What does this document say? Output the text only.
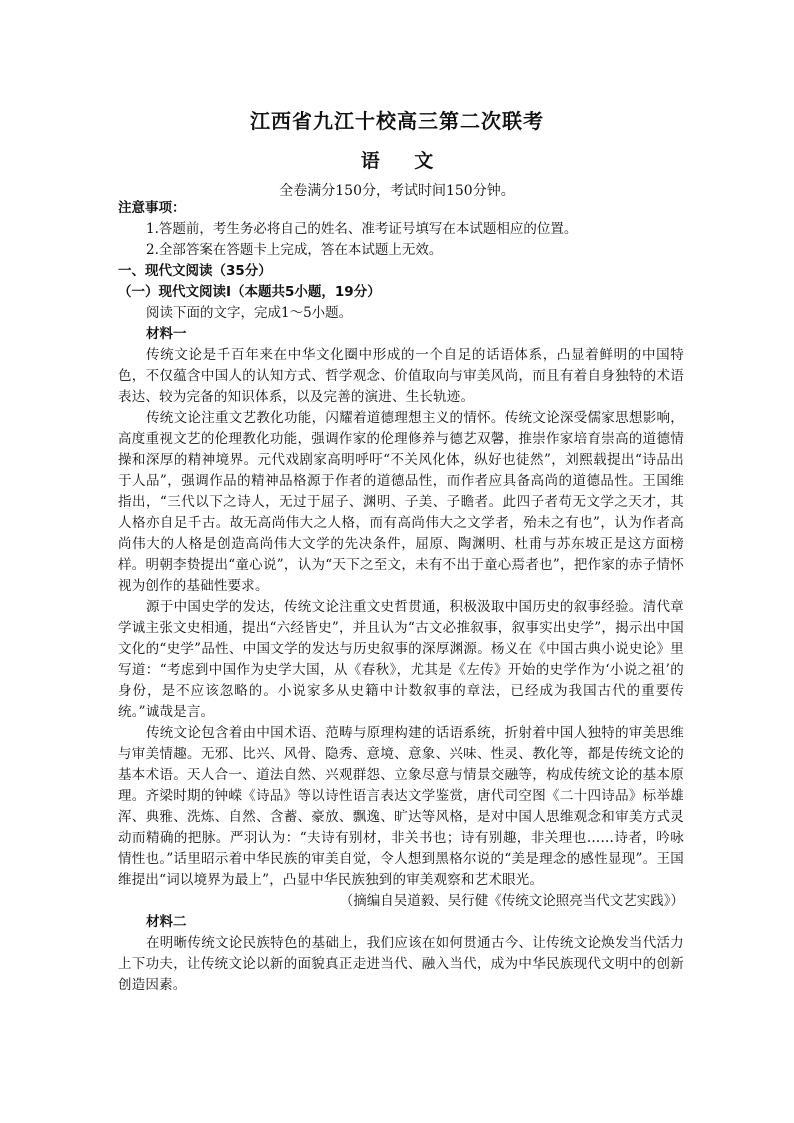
江西省九江十校高三第二次联考
语 文
全卷满分150分，考试时间150分钟。

注意事项：

1.答题前，考生务必将自己的姓名、准考证号填写在本试题相应的位置。

2.全部答案在答题卡上完成，答在本试题上无效。

一、现代文阅读（35分）

（一）现代文阅读Ⅰ（本题共5小题，19分）

阅读下面的文字，完成1～5小题。

材料一

传统文论是千百年来在中华文化圈中形成的一个自足的话语体系，凸显着鲜明的中国特色，不仅蕴含中国人的认知方式、哲学观念、价值取向与审美风尚，而且有着自身独特的术语表达、较为完备的知识体系，以及完善的演进、生长轨迹。

传统文论注重文艺教化功能，闪耀着道德理想主义的情怀。传统文论深受儒家思想影响，高度重视文艺的伦理教化功能，强调作家的伦理修养与德艺双馨，推崇作家培育崇高的道德情操和深厚的精神境界。元代戏剧家高明呼吁“不关风化体，纵好也徒然”，刘熙载提出“诗品出于人品”，强调作品的精神品格源于作者的道德品性，而作者应具备高尚的道德品性。王国维指出，“三代以下之诗人，无过于屈子、渊明、子美、子瞻者。此四子者苟无文学之天才，其人格亦自足千古。故无高尚伟大之人格，而有高尚伟大之文学者，殆未之有也”，认为作者高尚伟大的人格是创造高尚伟大文学的先决条件，屈原、陶渊明、杜甫与苏东坡正是这方面榜样。明朝李贽提出“童心说”，认为“天下之至文，未有不出于童心焉者也”，把作家的赤子情怀视为创作的基础性要求。

源于中国史学的发达，传统文论注重文史哲贯通，积极汲取中国历史的叙事经验。清代章学诚主张文史相通，提出“六经皆史”，并且认为“古文必推叙事，叙事实出史学”，揭示出中国文化的“史学”品性、中国文学的发达与历史叙事的深厚渊源。杨义在《中国古典小说史论》里写道：“考虑到中国作为史学大国，从《春秋》，尤其是《左传》开始的史学作为‘小说之祖’的身份，是不应该忽略的。小说家多从史籍中计数叙事的章法，已经成为我国古代的重要传统。”诚哉是言。

传统文论包含着由中国术语、范畴与原理构建的话语系统，折射着中国人独特的审美思维与审美情趣。无邪、比兴、风骨、隐秀、意境、意象、兴味、性灵、教化等，都是传统文论的基本术语。天人合一、道法自然、兴观群怨、立象尽意与情景交融等，构成传统文论的基本原理。齐梁时期的钟嵘《诗品》等以诗性语言表达文学鉴赏，唐代司空图《二十四诗品》标举雄浑、典雅、洗炼、自然、含蓄、豪放、飘逸、旷达等风格，是对中国人思维观念和审美方式灵动而精确的把脉。严羽认为：“夫诗有别材，非关书也；诗有别趣，非关理也……诗者，吟咏情性也。”话里昭示着中华民族的审美自觉，令人想到黑格尔说的“美是理念的感性显现”。王国维提出“词以境界为最上”，凸显中华民族独到的审美观察和艺术眼光。

（摘编自吴道毅、吴行健《传统文论照亮当代文艺实践》）

材料二

在明晰传统文论民族特色的基础上，我们应该在如何贯通古今、让传统文论焕发当代活力上下功夫，让传统文论以新的面貌真正走进当代、融入当代，成为中华民族现代文明中的创新创造因素。
